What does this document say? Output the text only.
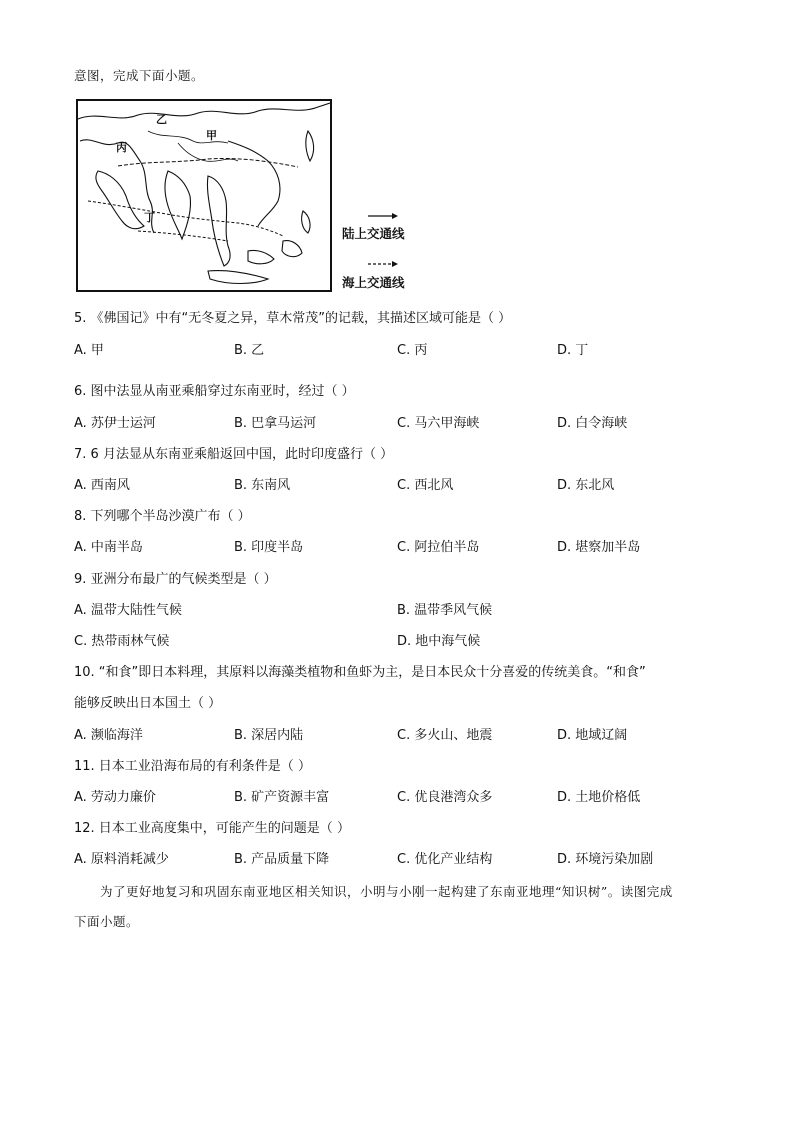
意图，完成下面小题。
乙
甲
丙
丁
陆上交通线
海上交通线
5. 《佛国记》中有“无冬夏之异，草木常茂”的记载，其描述区域可能是（ ）
A. 甲	B. 乙	C. 丙	D. 丁
6. 图中法显从南亚乘船穿过东南亚时，经过（ ）
A. 苏伊士运河	B. 巴拿马运河	C. 马六甲海峡	D. 白令海峡
7. 6 月法显从东南亚乘船返回中国，此时印度盛行（ ）
A. 西南风	B. 东南风	C. 西北风	D. 东北风
8. 下列哪个半岛沙漠广布（ ）
A. 中南半岛	B. 印度半岛	C. 阿拉伯半岛	D. 堪察加半岛
9. 亚洲分布最广的气候类型是（ ）
A. 温带大陆性气候	B. 温带季风气候
C. 热带雨林气候	D. 地中海气候
10. “和食”即日本料理，其原料以海藻类植物和鱼虾为主，是日本民众十分喜爱的传统美食。“和食”
能够反映出日本国土（ ）
A. 濒临海洋	B. 深居内陆	C. 多火山、地震	D. 地域辽阔
11. 日本工业沿海布局的有利条件是（ ）
A. 劳动力廉价	B. 矿产资源丰富	C. 优良港湾众多	D. 土地价格低
12. 日本工业高度集中，可能产生的问题是（ ）
A. 原料消耗减少	B. 产品质量下降	C. 优化产业结构	D. 环境污染加剧
为了更好地复习和巩固东南亚地区相关知识，小明与小刚一起构建了东南亚地理“知识树”。读图完成
下面小题。
